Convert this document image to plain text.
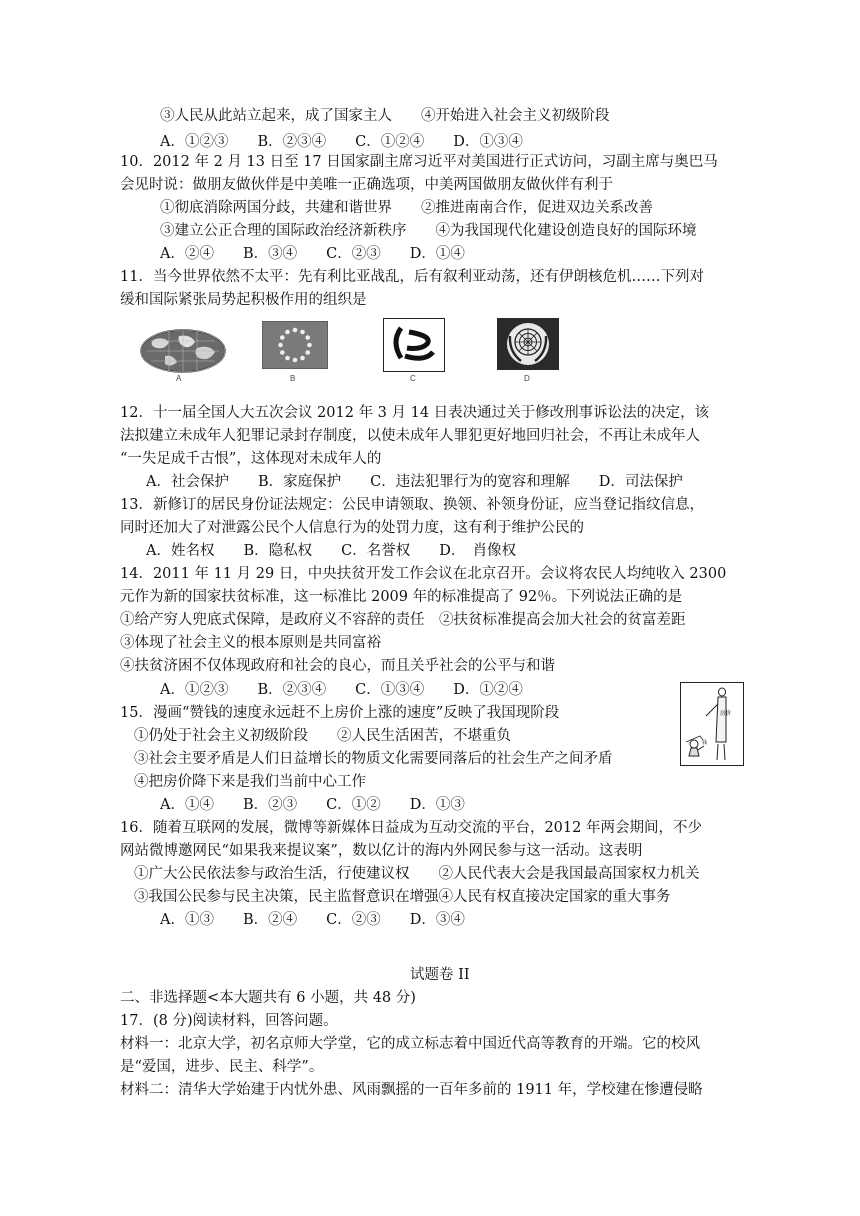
③人民从此站立起来，成了国家主人　　④开始进入社会主义初级阶段
A．①②③　　B．②③④　　C．①②④　　D．①③④
10．2012 年 2 月 13 日至 17 日国家副主席习近平对美国进行正式访问，习副主席与奥巴马
会见时说：做朋友做伙伴是中美唯一正确选项，中美两国做朋友做伙伴有利于
①彻底消除两国分歧，共建和谐世界　　②推进南南合作，促进双边关系改善
③建立公正合理的国际政治经济新秩序　　④为我国现代化建设创造良好的国际环境
A．②④　　B．③④　　C．②③　　D．①④
11．当今世界依然不太平：先有利比亚战乱，后有叙利亚动荡，还有伊朗核危机……下列对
缓和国际紧张局势起积极作用的组织是
A	B	C	D
12．十一届全国人大五次会议 2012 年 3 月 14 日表决通过关于修改刑事诉讼法的决定，该
法拟建立未成年人犯罪记录封存制度，以使未成年人罪犯更好地回归社会，不再让未成年人
“一失足成千古恨”，这体现对未成年人的
A．社会保护　　B．家庭保护　　C．违法犯罪行为的宽容和理解　　D．司法保护
13．新修订的居民身份证法规定：公民申请领取、换领、补领身份证，应当登记指纹信息，
同时还加大了对泄露公民个人信息行为的处罚力度，这有利于维护公民的
A．姓名权　　B．隐私权　　C．名誉权　　D．　肖像权
14．2011 年 11 月 29 日，中央扶贫开发工作会议在北京召开。会议将农民人均纯收入 2300
元作为新的国家扶贫标准，这一标准比 2009 年的标准提高了 92％。下列说法正确的是
①给产穷人兜底式保障，是政府义不容辞的责任　②扶贫标准提高会加大社会的贫富差距
③体现了社会主义的根本原则是共同富裕
④扶贫济困不仅体现政府和社会的良心，而且关乎社会的公平与和谐
A．①②③　　B．②③④　　C．①③④　　D．①②④
15．漫画“赞钱的速度永远赶不上房价上涨的速度”反映了我国现阶段
①仍处于社会主义初级阶段　　②人民生活困苦，不堪重负
③社会主要矛盾是人们日益增长的物质文化需要同落后的社会生产之间矛盾
④把房价降下来是我们当前中心工作
A．①④　　B．②③　　C．①②　　D．①③
房价
钱
16．随着互联网的发展，微博等新媒体日益成为互动交流的平台，2012 年两会期间，不少
网站微博邀网民“如果我来提议案”，数以亿计的海内外网民参与这一活动。这表明
①广大公民依法参与政治生活，行使建议权　　②人民代表大会是我国最高国家权力机关
③我国公民参与民主决策，民主监督意识在增强④人民有权直接决定国家的重大事务
A．①③　　B．②④　　C．②③　　D．③④
试题卷 II
二、非选择题<本大题共有 6 小题，共 48 分)
17．(8 分)阅读材料，回答问题。
材料一：北京大学，初名京师大学堂，它的成立标志着中国近代高等教育的开端。它的校风
是“爱国，进步、民主、科学”。
材料二：清华大学始建于内忧外患、风雨飘摇的一百年多前的 1911 年，学校建在惨遭侵略
